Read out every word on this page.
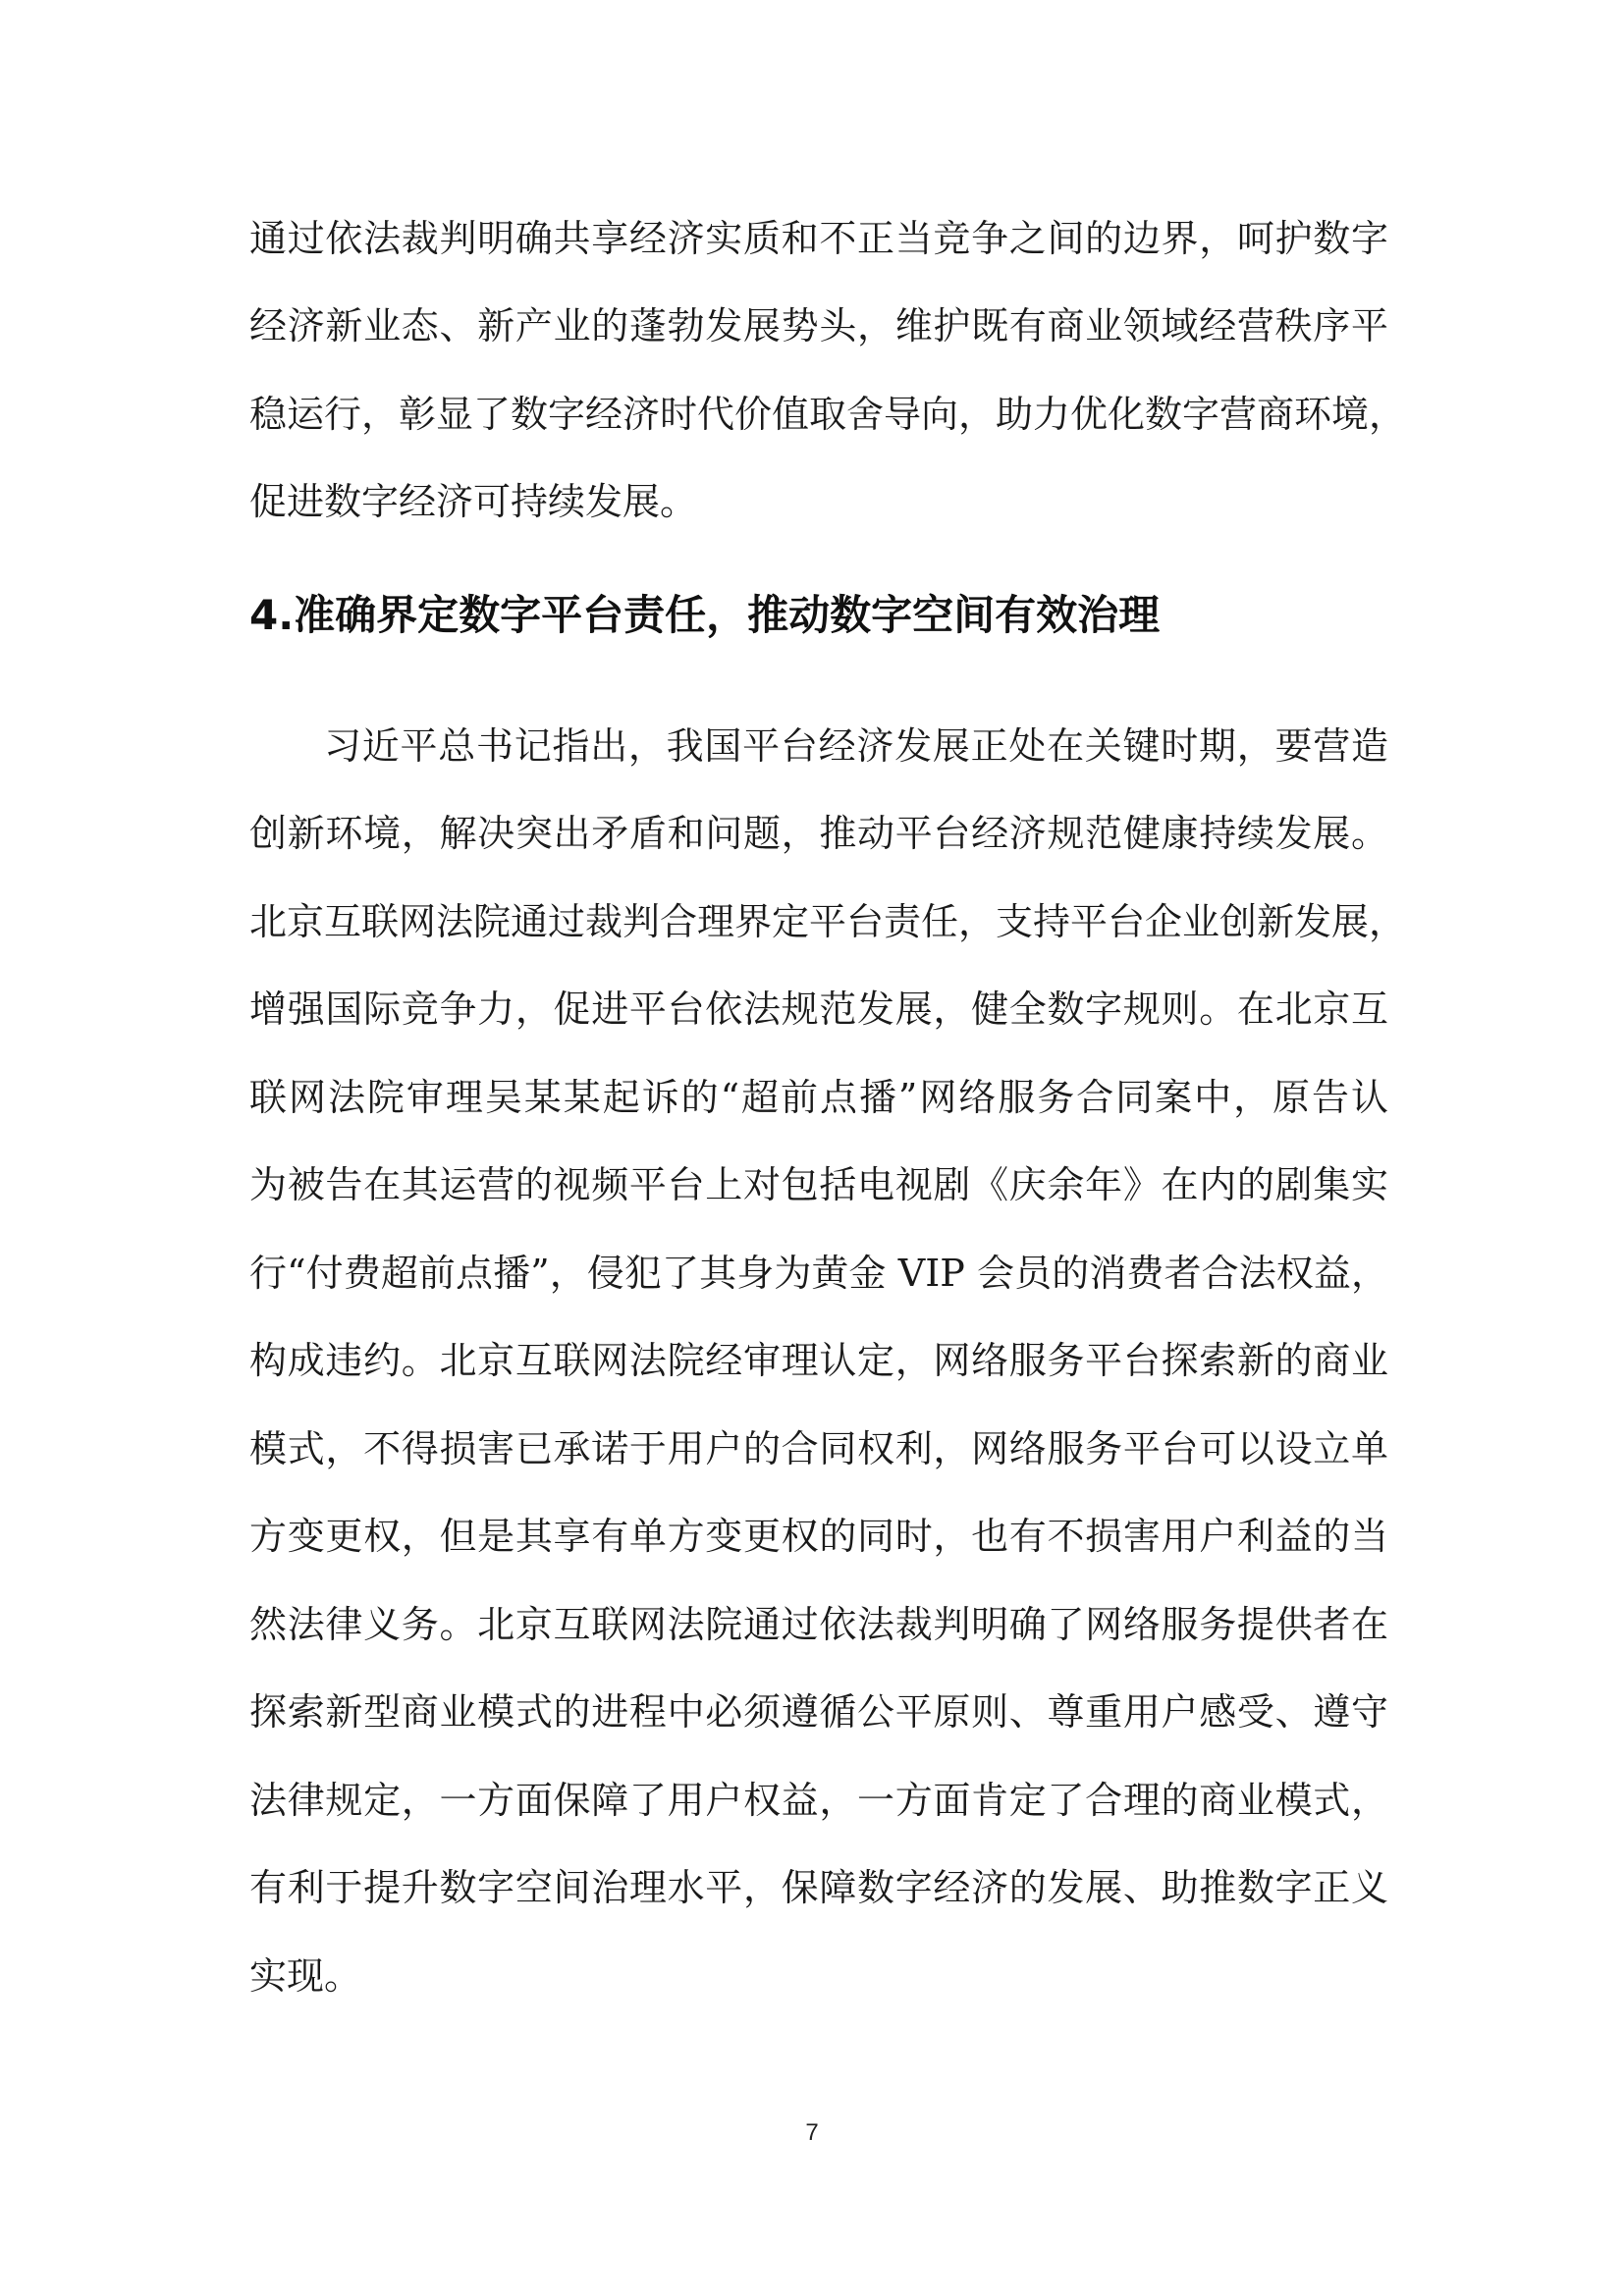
通过依法裁判明确共享经济实质和不正当竞争之间的边界，呵护数字
经济新业态、新产业的蓬勃发展势头，维护既有商业领域经营秩序平
稳运行，彰显了数字经济时代价值取舍导向，助力优化数字营商环境，
促进数字经济可持续发展。
4.准确界定数字平台责任，推动数字空间有效治理
习近平总书记指出，我国平台经济发展正处在关键时期，要营造
创新环境，解决突出矛盾和问题，推动平台经济规范健康持续发展。
北京互联网法院通过裁判合理界定平台责任，支持平台企业创新发展，
增强国际竞争力，促进平台依法规范发展，健全数字规则。在北京互
联网法院审理吴某某起诉的“超前点播”网络服务合同案中，原告认
为被告在其运营的视频平台上对包括电视剧《庆余年》在内的剧集实
行“付费超前点播”，侵犯了其身为黄金 VIP 会员的消费者合法权益，
构成违约。北京互联网法院经审理认定，网络服务平台探索新的商业
模式，不得损害已承诺于用户的合同权利，网络服务平台可以设立单
方变更权，但是其享有单方变更权的同时，也有不损害用户利益的当
然法律义务。北京互联网法院通过依法裁判明确了网络服务提供者在
探索新型商业模式的进程中必须遵循公平原则、尊重用户感受、遵守
法律规定，一方面保障了用户权益，一方面肯定了合理的商业模式，
有利于提升数字空间治理水平，保障数字经济的发展、助推数字正义
实现。
7
